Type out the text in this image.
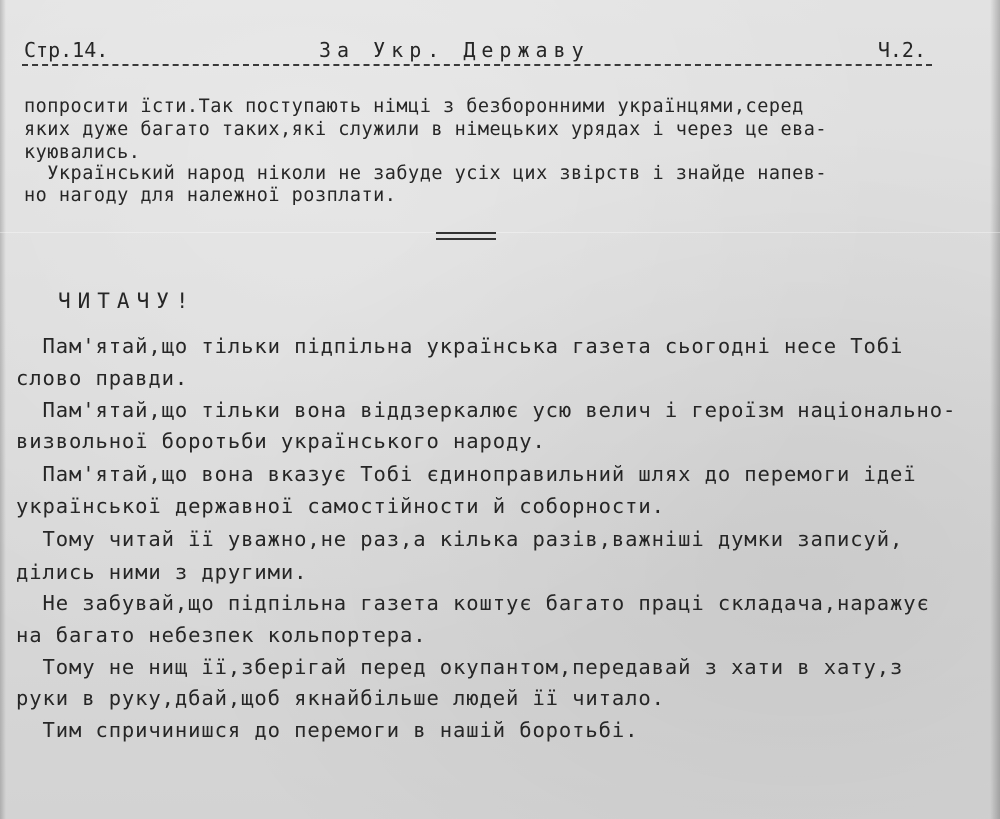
Стр.14.	За Укр. Державу	Ч.2.
попросити їсти.Так поступають німці з безборонними українцями,серед
яких дуже багато таких,які служили в німецьких урядах і через це ева-
куювались.
Український народ ніколи не забуде усіх цих звірств і знайде напев-
но нагоду для належної розплати.
ЧИТАЧУ!
Пам'ятай,що тільки підпільна українська газета сьогодні несе Тобі
слово правди.
Пам'ятай,що тільки вона віддзеркалює усю велич і героїзм національно-
визвольної боротьби українського народу.
Пам'ятай,що вона вказує Тобі єдиноправильний шлях до перемоги ідеї
української державної самостійности й соборности.
Тому читай її уважно,не раз,а кілька разів,важніші думки записуй,
ділись ними з другими.
Не забувай,що підпільна газета коштує багато праці складача,наражує
на багато небезпек кольпортера.
Тому не нищ її,зберігай перед окупантом,передавай з хати в хату,з
руки в руку,дбай,щоб якнайбільше людей її читало.
Тим спричинишся до перемоги в нашій боротьбі.
